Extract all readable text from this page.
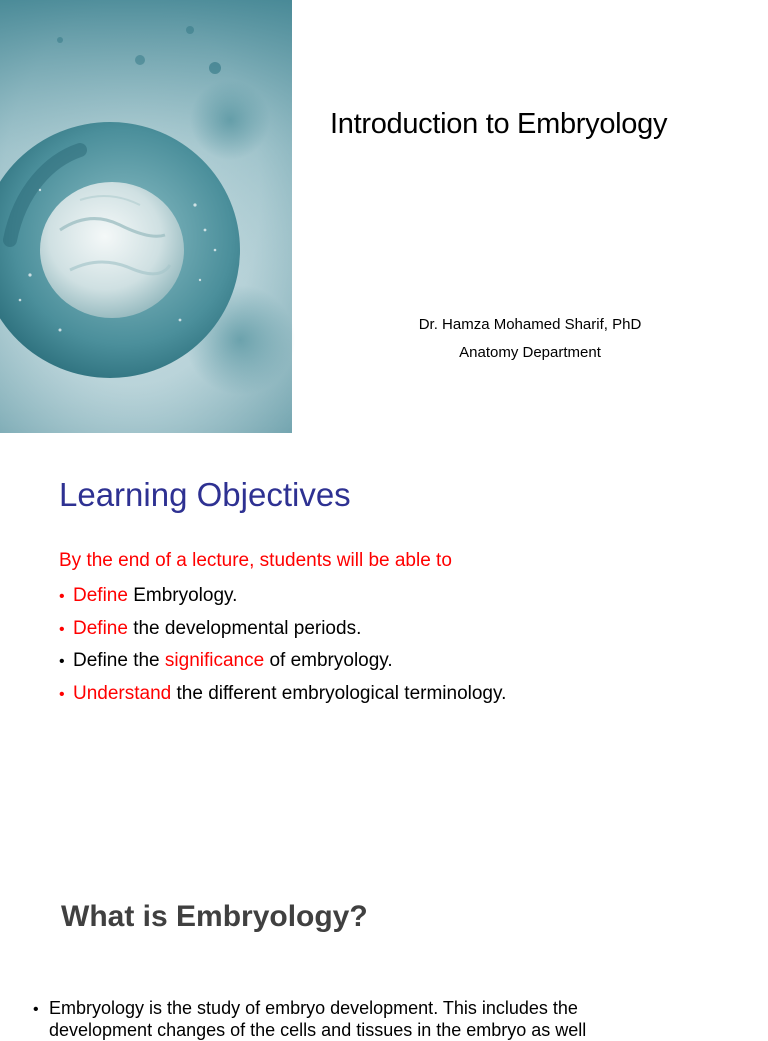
Introduction to Embryology
Dr. Hamza Mohamed Sharif, PhD
Anatomy Department
Learning Objectives
By the end of a lecture, students will be able to
• Define Embryology.
• Define the developmental periods.
• Define the significance of embryology.
• Understand the different embryological terminology.
What is Embryology?
• Embryology is the study of embryo development. This includes the
development changes of the cells and tissues in the embryo as well
